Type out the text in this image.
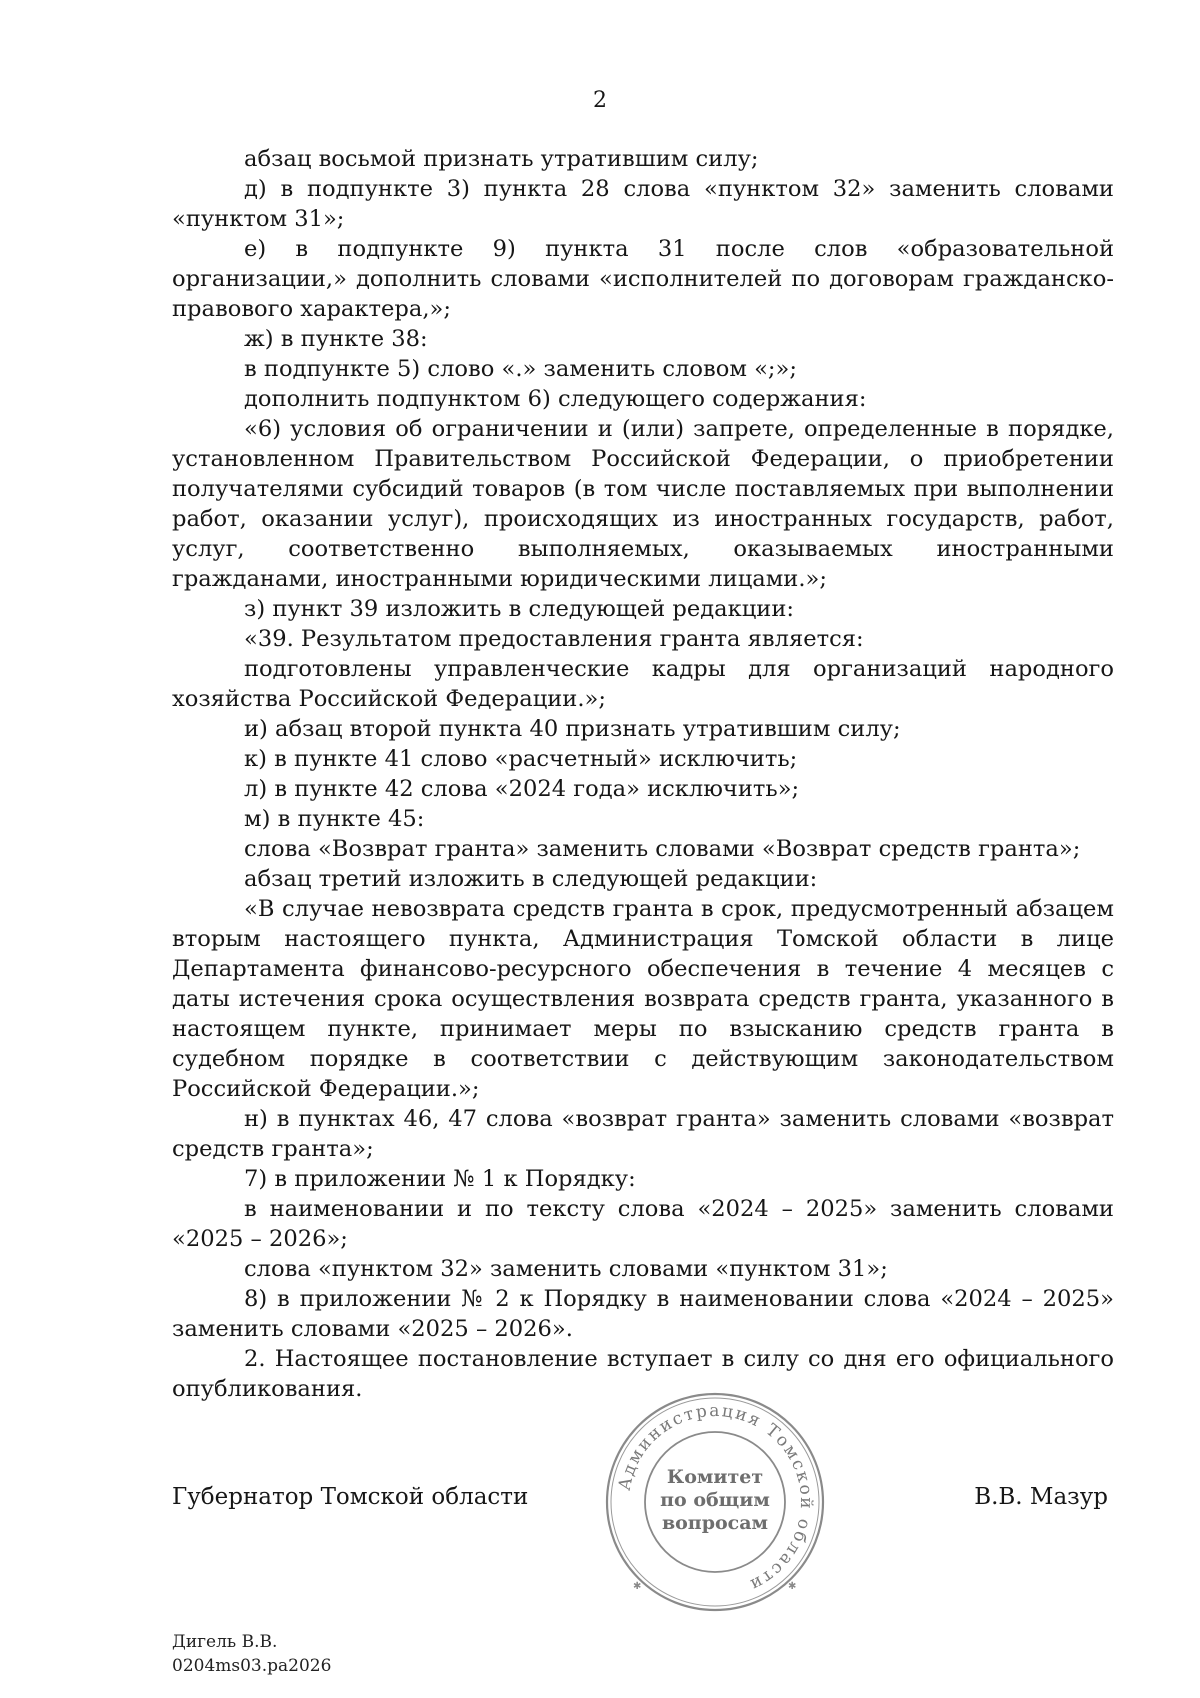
2

абзац восьмой признать утратившим силу;

д) в подпункте 3) пункта 28 слова «пунктом 32» заменить словами «пунктом 31»;

е) в подпункте 9) пункта 31 после слов «образовательной организации,» дополнить словами «исполнителей по договорам гражданско-правового характера,»;

ж) в пункте 38:

в подпункте 5) слово «.» заменить словом «;»;

дополнить подпунктом 6) следующего содержания:

«6) условия об ограничении и (или) запрете, определенные в порядке, установленном Правительством Российской Федерации, о приобретении получателями субсидий товаров (в том числе поставляемых при выполнении работ, оказании услуг), происходящих из иностранных государств, работ, услуг, соответственно выполняемых, оказываемых иностранными гражданами, иностранными юридическими лицами.»;

з) пункт 39 изложить в следующей редакции:

«39. Результатом предоставления гранта является:

подготовлены управленческие кадры для организаций народного хозяйства Российской Федерации.»;

и) абзац второй пункта 40 признать утратившим силу;

к) в пункте 41 слово «расчетный» исключить;

л) в пункте 42 слова «2024 года» исключить»;

м) в пункте 45:

слова «Возврат гранта» заменить словами «Возврат средств гранта»;

абзац третий изложить в следующей редакции:

«В случае невозврата средств гранта в срок, предусмотренный абзацем вторым настоящего пункта, Администрация Томской области в лице Департамента финансово-ресурсного обеспечения в течение 4 месяцев с даты истечения срока осуществления возврата средств гранта, указанного в настоящем пункте, принимает меры по взысканию средств гранта в судебном порядке в соответствии с действующим законодательством Российской Федерации.»;

н) в пунктах 46, 47 слова «возврат гранта» заменить словами «возврат средств гранта»;

7) в приложении № 1 к Порядку:

в наименовании и по тексту слова «2024 – 2025» заменить словами «2025 – 2026»;

слова «пунктом 32» заменить словами «пунктом 31»;

8) в приложении № 2 к Порядку в наименовании слова «2024 – 2025» заменить словами «2025 – 2026».

2. Настоящее постановление вступает в силу со дня его официального опубликования.

Администрация Томской области
✱	✱
Комитет
по общим
вопросам
Губернатор Томской области	В.В. Мазур
Дигель В.В.
0204ms03.pa2026
